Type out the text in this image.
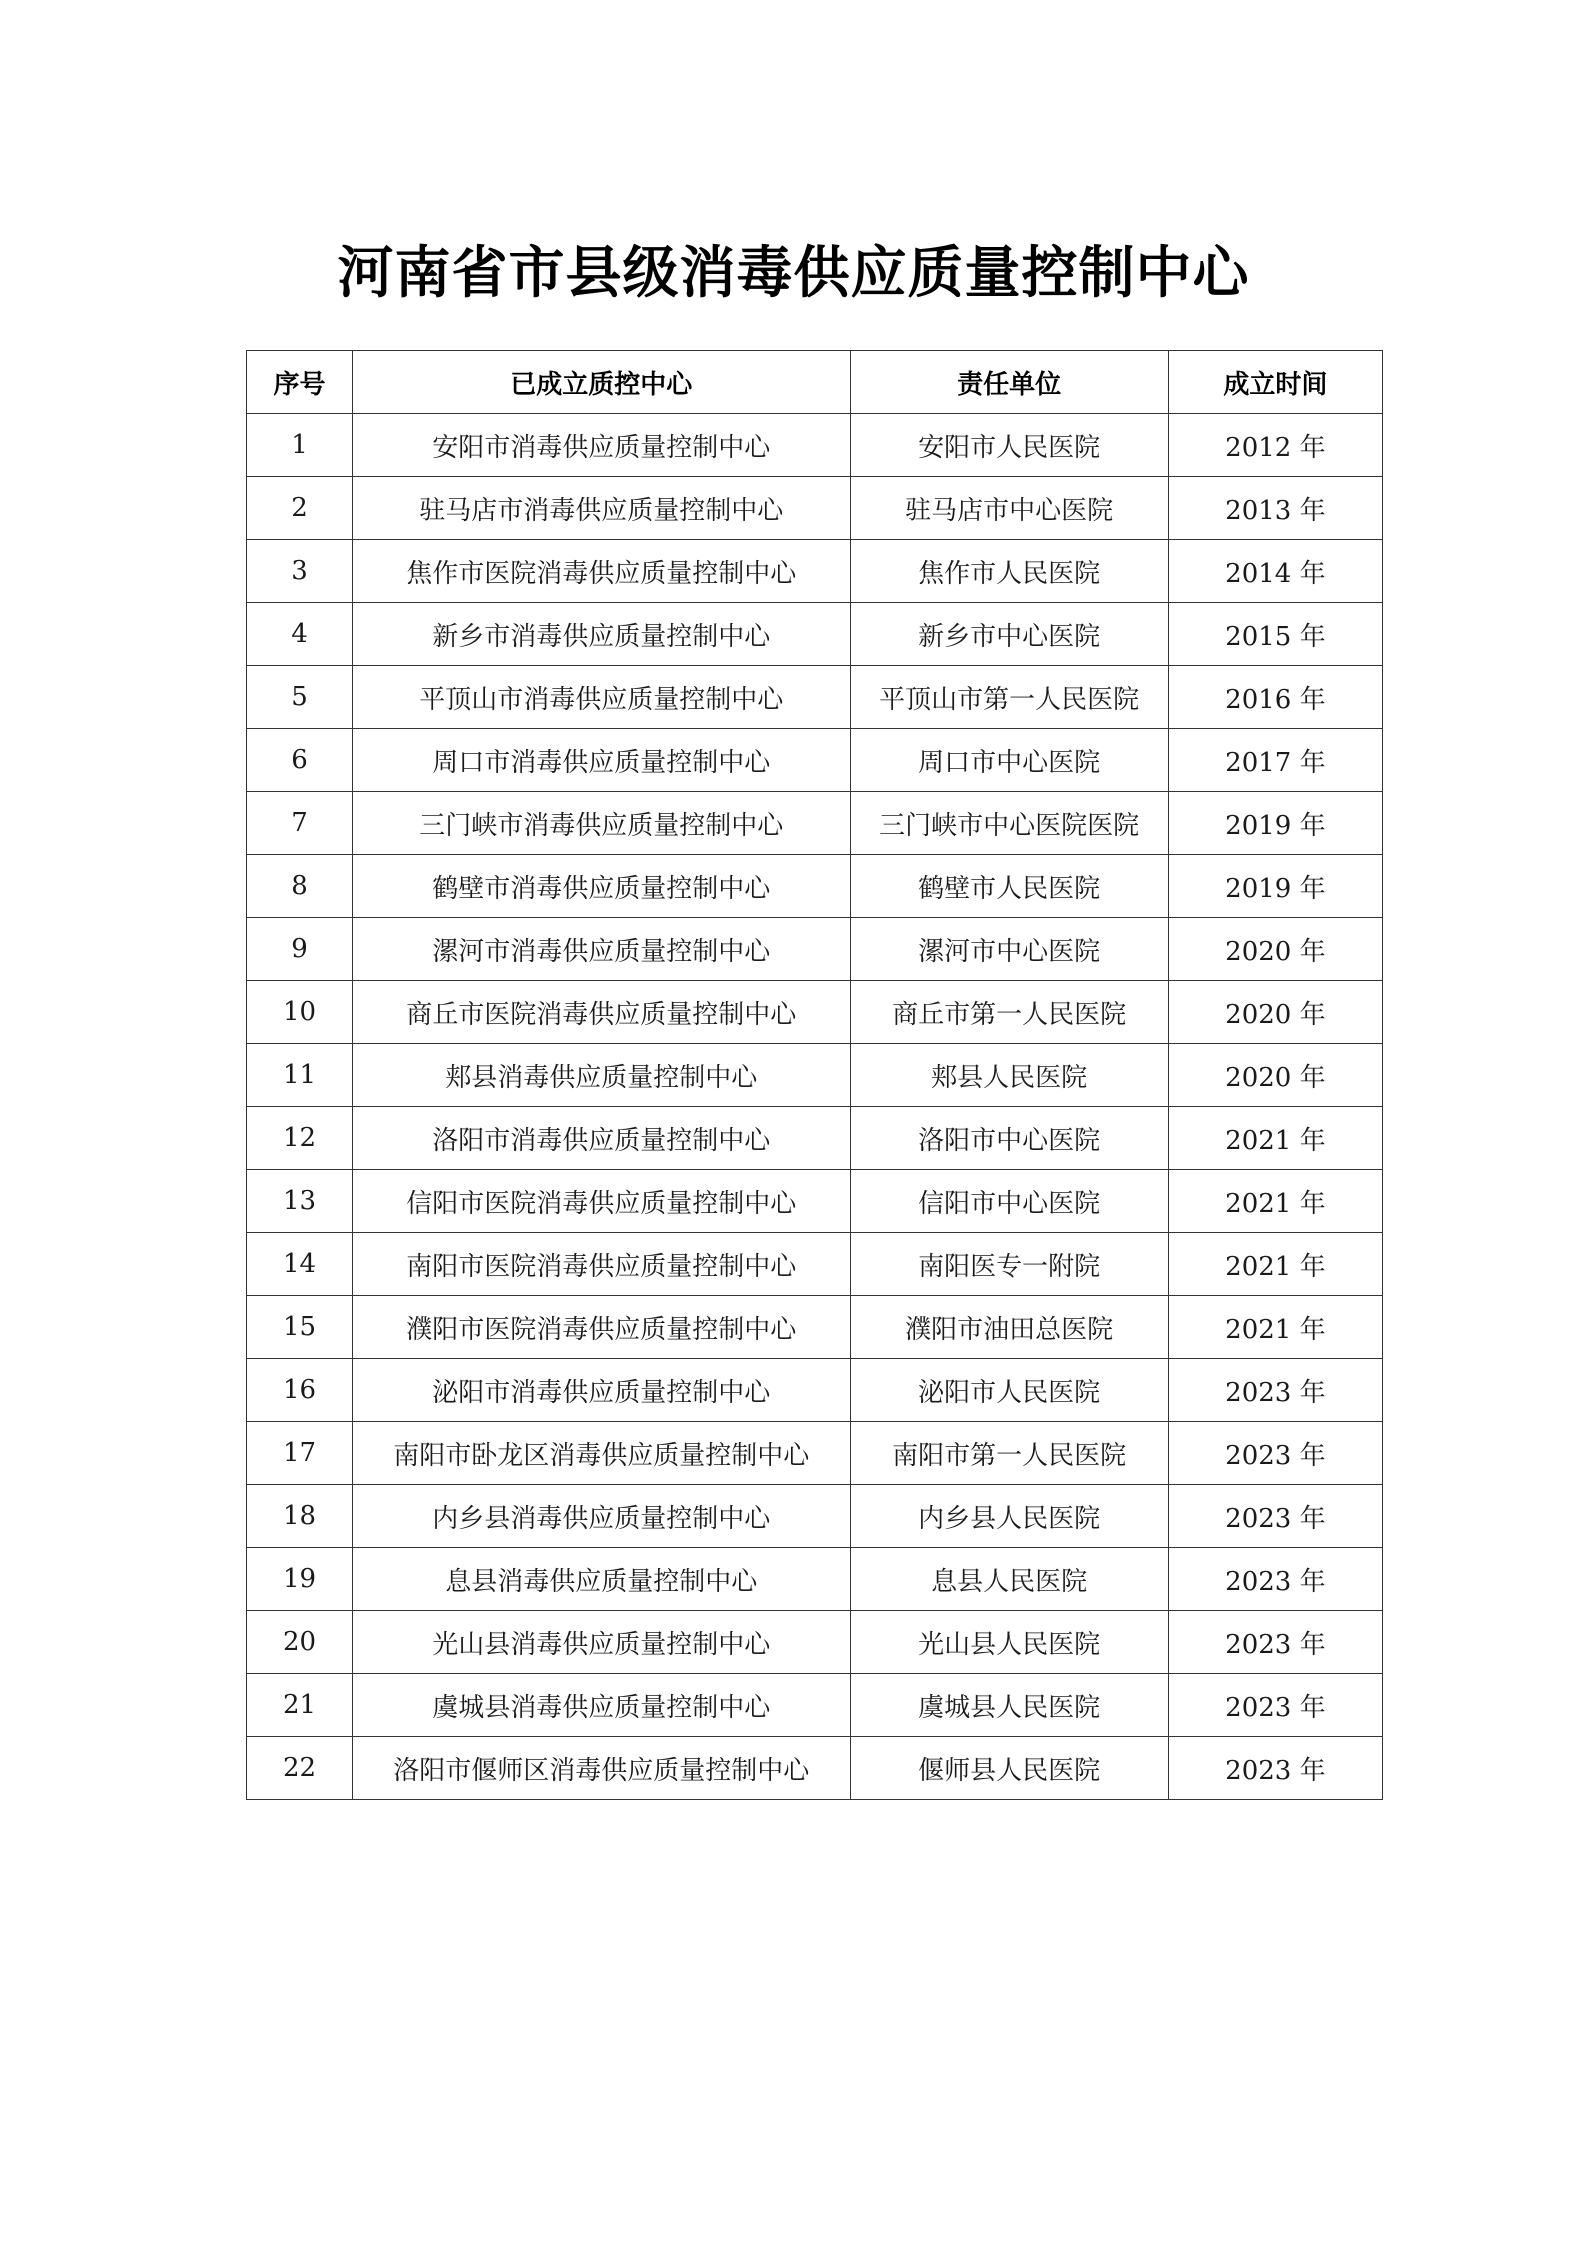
河南省市县级消毒供应质量控制中心
序号	已成立质控中心	责任单位	成立时间
1	安阳市消毒供应质量控制中心	安阳市人民医院	2012 年
2	驻马店市消毒供应质量控制中心	驻马店市中心医院	2013 年
3	焦作市医院消毒供应质量控制中心	焦作市人民医院	2014 年
4	新乡市消毒供应质量控制中心	新乡市中心医院	2015 年
5	平顶山市消毒供应质量控制中心	平顶山市第一人民医院	2016 年
6	周口市消毒供应质量控制中心	周口市中心医院	2017 年
7	三门峡市消毒供应质量控制中心	三门峡市中心医院医院	2019 年
8	鹤壁市消毒供应质量控制中心	鹤壁市人民医院	2019 年
9	漯河市消毒供应质量控制中心	漯河市中心医院	2020 年
10	商丘市医院消毒供应质量控制中心	商丘市第一人民医院	2020 年
11	郏县消毒供应质量控制中心	郏县人民医院	2020 年
12	洛阳市消毒供应质量控制中心	洛阳市中心医院	2021 年
13	信阳市医院消毒供应质量控制中心	信阳市中心医院	2021 年
14	南阳市医院消毒供应质量控制中心	南阳医专一附院	2021 年
15	濮阳市医院消毒供应质量控制中心	濮阳市油田总医院	2021 年
16	泌阳市消毒供应质量控制中心	泌阳市人民医院	2023 年
17	南阳市卧龙区消毒供应质量控制中心	南阳市第一人民医院	2023 年
18	内乡县消毒供应质量控制中心	内乡县人民医院	2023 年
19	息县消毒供应质量控制中心	息县人民医院	2023 年
20	光山县消毒供应质量控制中心	光山县人民医院	2023 年
21	虞城县消毒供应质量控制中心	虞城县人民医院	2023 年
22	洛阳市偃师区消毒供应质量控制中心	偃师县人民医院	2023 年
